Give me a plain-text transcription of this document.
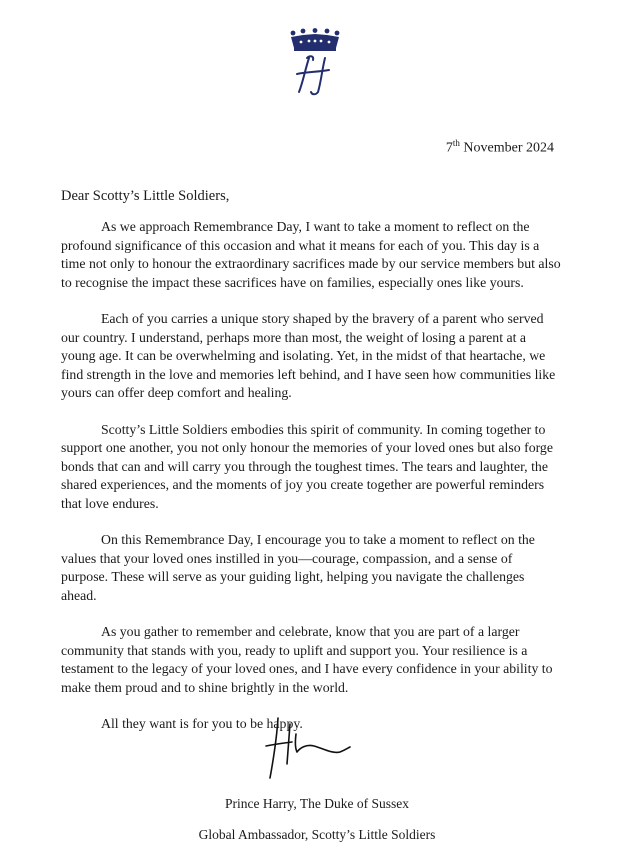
7th November 2024
Dear Scotty’s Little Soldiers,

As we approach Remembrance Day, I want to take a moment to reflect on the profound significance of this occasion and what it means for each of you. This day is a time not only to honour the extraordinary sacrifices made by our service members but also to recognise the impact these sacrifices have on families, especially ones like yours.

Each of you carries a unique story shaped by the bravery of a parent who served our country. I understand, perhaps more than most, the weight of losing a parent at a young age. It can be overwhelming and isolating. Yet, in the midst of that heartache, we find strength in the love and memories left behind, and I have seen how communities like yours can offer deep comfort and healing.

Scotty’s Little Soldiers embodies this spirit of community. In coming together to support one another, you not only honour the memories of your loved ones but also forge bonds that can and will carry you through the toughest times. The tears and laughter, the shared experiences, and the moments of joy you create together are powerful reminders that love endures.

On this Remembrance Day, I encourage you to take a moment to reflect on the values that your loved ones instilled in you—courage, compassion, and a sense of purpose. These will serve as your guiding light, helping you navigate the challenges ahead.

As you gather to remember and celebrate, know that you are part of a larger community that stands with you, ready to uplift and support you. Your resilience is a testament to the legacy of your loved ones, and I have every confidence in your ability to make them proud and to shine brightly in the world.

All they want is for you to be happy.

Prince Harry, The Duke of Sussex
Global Ambassador, Scotty’s Little Soldiers
